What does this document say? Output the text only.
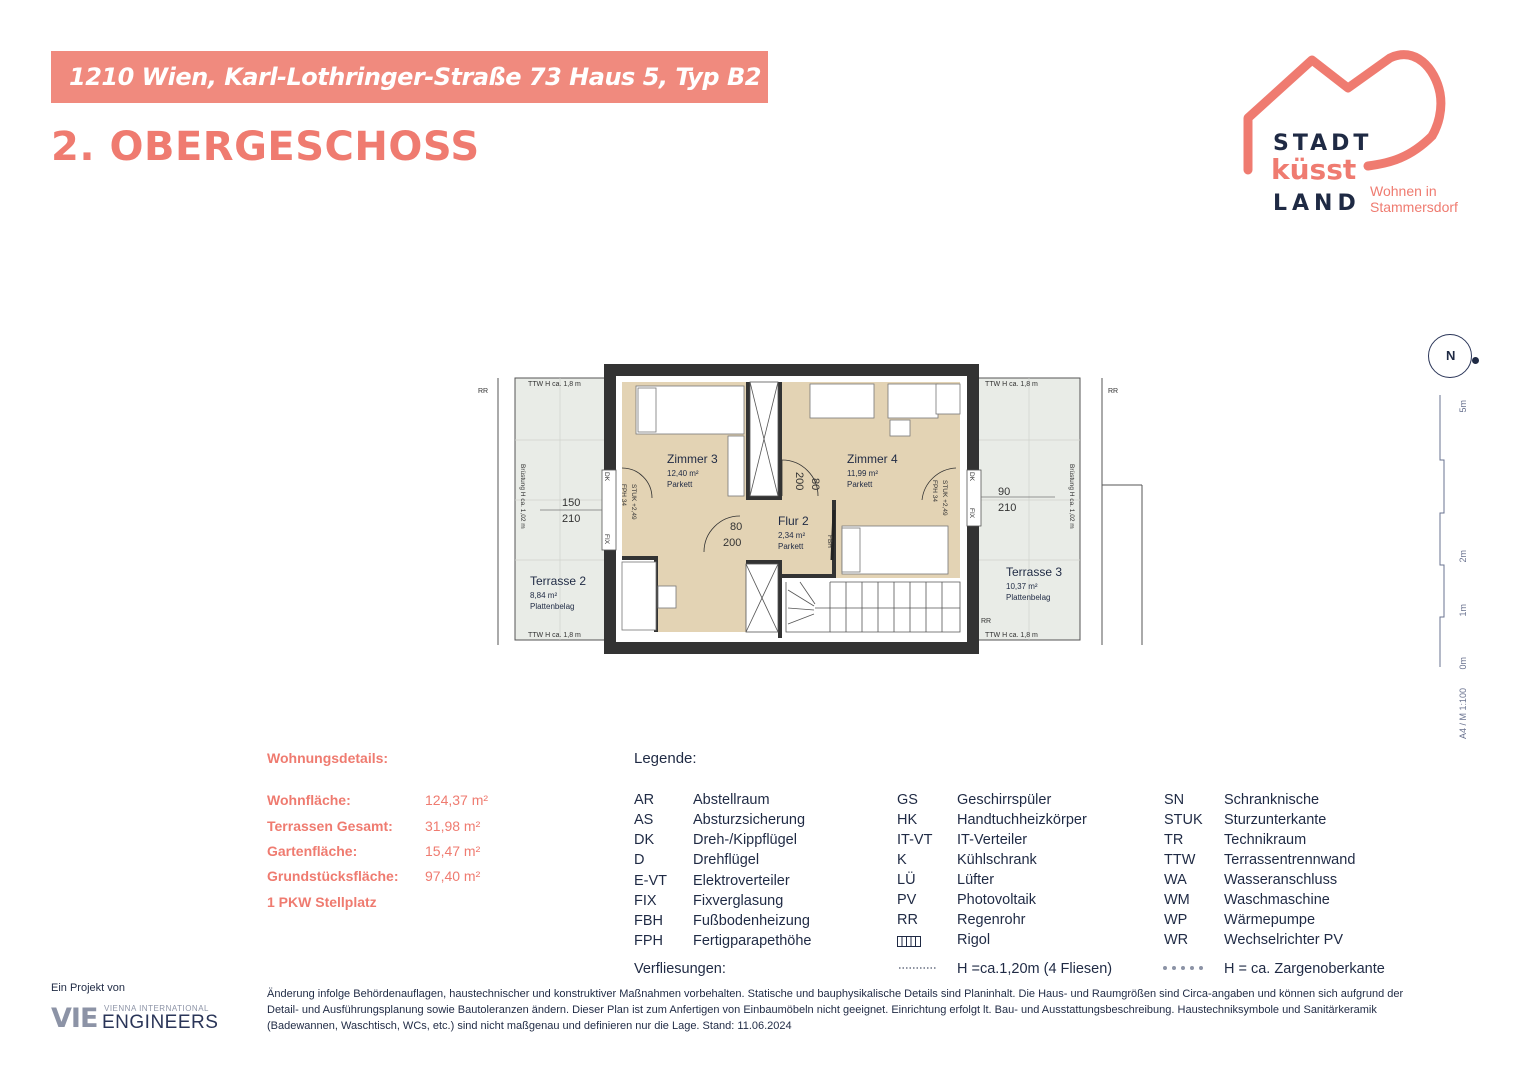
1210 Wien, Karl-Lothringer-Straße 73 Haus 5, Typ B2
2. OBERGESCHOSS	STADT
küsst
LAND Wohnen in
Stammersdorf
TTW H ca. 1,8 m
TTW H ca. 1,8 m
TTW H ca. 1,8 m
TTW H ca. 1,8 m
RR	RR
RR
Brüstung H ca. 1,02 m	Brüstung H ca. 1,02 m
FPH 34 STUK +2,49	FPH 34 STUK +2,49
FBH
DK	DK
FIX
FIX
150
210
90
210
80
200
80
200
Zimmer 3
12,40 m²
Parkett
Zimmer 4
11,99 m²
Parkett
Flur 2
2,34 m²
Parkett
Terrasse 2
8,84 m²
Plattenbelag
Terrasse 3
10,37 m²
Plattenbelag
N
5m
2m
1m
0m
A4 / M 1:100
Wohnungsdetails:
Wohnfläche:	124,37 m²
Terrassen Gesamt: 31,98 m²
Gartenfläche:	15,47 m²
Grundstücksfläche: 97,40 m²
1 PKW Stellplatz
Legende:
AR	Abstellraum
AS	Absturzsicherung
DK	Dreh-/Kippflügel
D	Drehflügel
E-VT Elektroverteiler
FIX	Fixverglasung
FBH Fußbodenheizung
FPH Fertigparapethöhe
GS	Geschirrspüler
HK	Handtuchheizkörper
IT-VT IT-Verteiler
K	Kühlschrank
LÜ	Lüfter
PV	Photovoltaik
RR	Regenrohr
Rigol
SN	Schranknische
STUK Sturzunterkante
TR	Technikraum
TTW Terrassentrennwand
WA	Wasseranschluss
WM Waschmaschine
WP	Wärmepumpe
WR Wechselrichter PV
Verfliesungen:	H =ca.1,20m (4 Fliesen)	H = ca. Zargenoberkante
Ein Projekt von
VIE VIENNA INTERNATIONAL
ENGINEERS
Änderung infolge Behördenauflagen, haustechnischer und konstruktiver Maßnahmen vorbehalten. Statische und bauphysikalische Details sind Planinhalt. Die Haus- und Raumgrößen sind Circa-angaben und können sich aufgrund der Detail- und Ausführungsplanung sowie Bautoleranzen ändern. Dieser Plan ist zum Anfertigen von Einbaumöbeln nicht geeignet. Einrichtung erfolgt lt. Bau- und Ausstattungsbeschreibung. Haustechniksymbole und Sanitärkeramik (Badewannen, Waschtisch, WCs, etc.) sind nicht maßgenau und definieren nur die Lage. Stand: 11.06.2024
